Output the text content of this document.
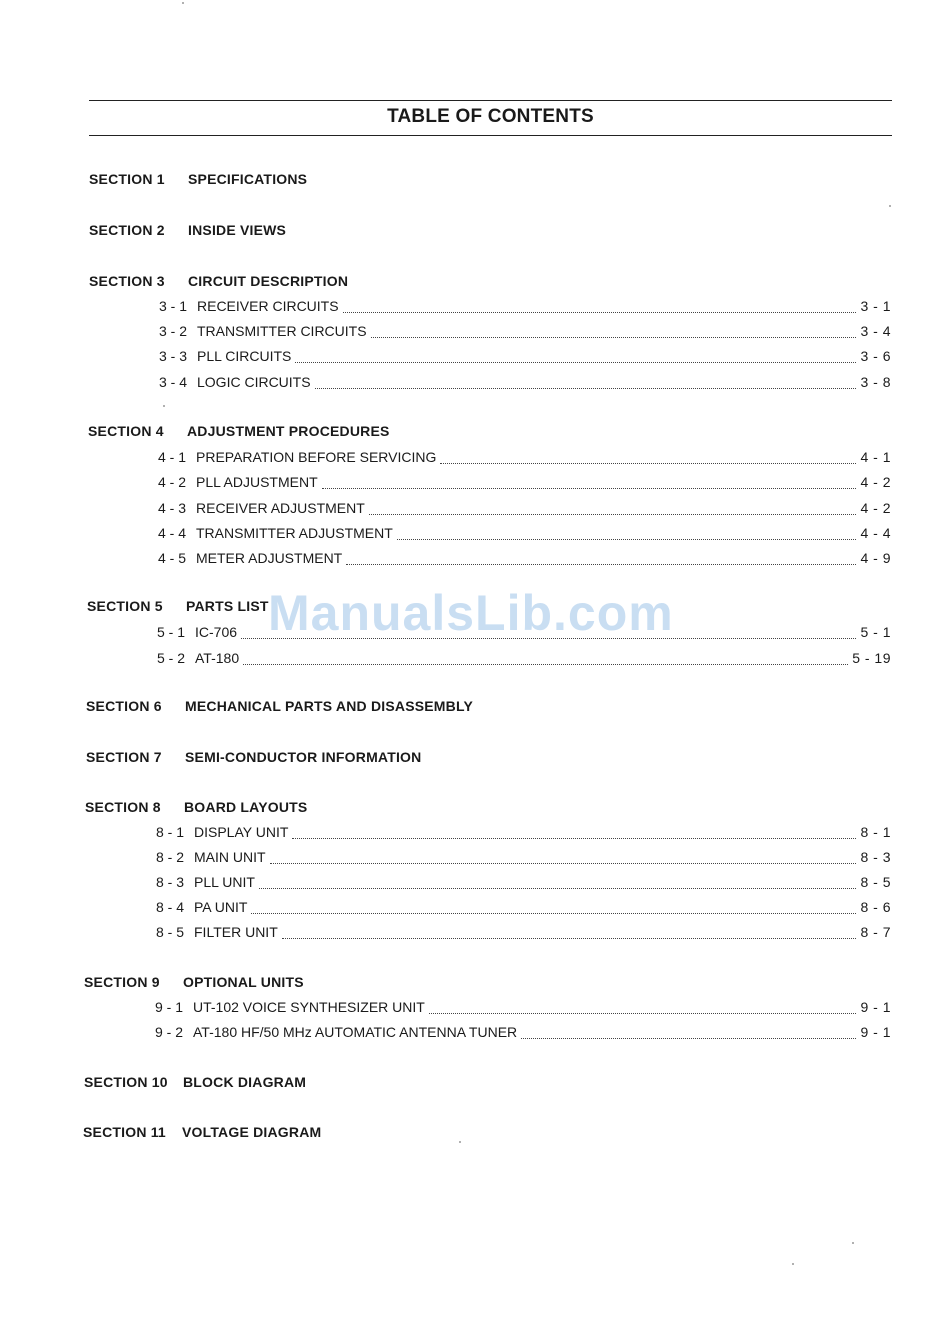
TABLE OF CONTENTS
SECTION 1 SPECIFICATIONS
SECTION 2 INSIDE VIEWS
SECTION 3 CIRCUIT DESCRIPTION
3 - 1 RECEIVER CIRCUITS	3 - 1
3 - 2 TRANSMITTER CIRCUITS	3 - 4
3 - 3 PLL CIRCUITS	3 - 6
3 - 4 LOGIC CIRCUITS	3 - 8
SECTION 4 ADJUSTMENT PROCEDURES
4 - 1 PREPARATION BEFORE SERVICING	4 - 1
4 - 2 PLL ADJUSTMENT	4 - 2
4 - 3 RECEIVER ADJUSTMENT	4 - 2
4 - 4 TRANSMITTER ADJUSTMENT	4 - 4
4 - 5 METER ADJUSTMENT	4 - 9
SECTION 5 PARTS LIST
5 - 1 IC-706	5 - 1
5 - 2 AT-180	5 - 19
SECTION 6 MECHANICAL PARTS AND DISASSEMBLY
SECTION 7 SEMI-CONDUCTOR INFORMATION
SECTION 8 BOARD LAYOUTS
8 - 1 DISPLAY UNIT	8 - 1
8 - 2 MAIN UNIT	8 - 3
8 - 3 PLL UNIT	8 - 5
8 - 4 PA UNIT	8 - 6
8 - 5 FILTER UNIT	8 - 7
SECTION 9 OPTIONAL UNITS
9 - 1 UT-102 VOICE SYNTHESIZER UNIT	9 - 1
9 - 2 AT-180 HF/50 MHz AUTOMATIC ANTENNA TUNER	9 - 1
SECTION 10 BLOCK DIAGRAM
SECTION 11 VOLTAGE DIAGRAM
ManualsLib.com
